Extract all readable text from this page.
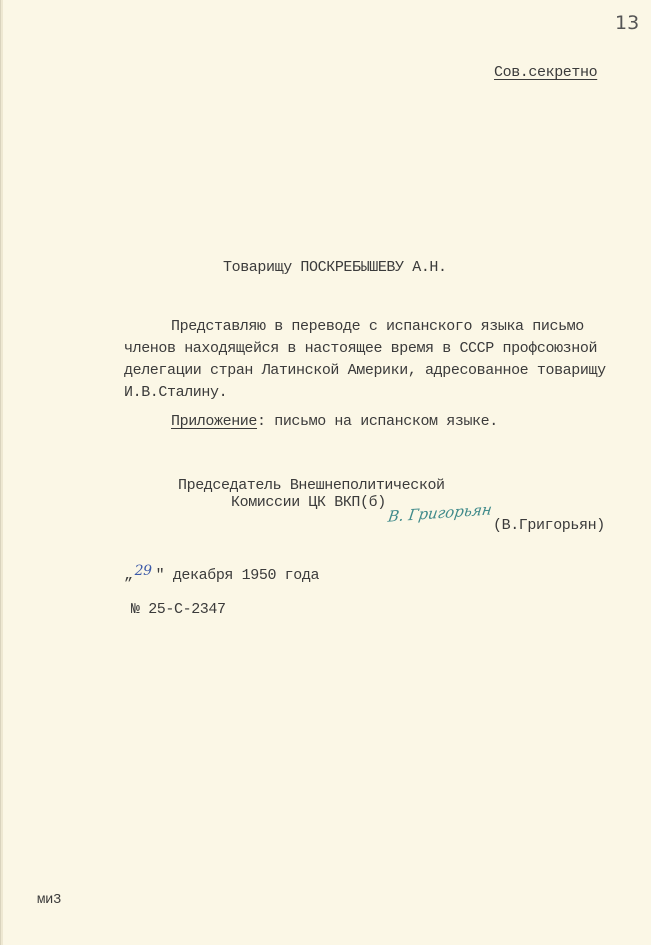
13
Сов.секретно
Товарищу ПОСКРЕБЫШЕВУ А.Н.
Представляю в переводе с испанского языка письмо
членов находящейся в настоящее время в СССР профсоюзной
делегации стран Латинской Америки, адресованное товарищу
И.В.Сталину.
Приложение: письмо на испанском языке.
Председатель Внешнеполитической
Комиссии ЦК ВКП(б) В. Григорьян (В.Григорьян)
„ 29 " декабря 1950 года
№ 25-С-2347
ми3
